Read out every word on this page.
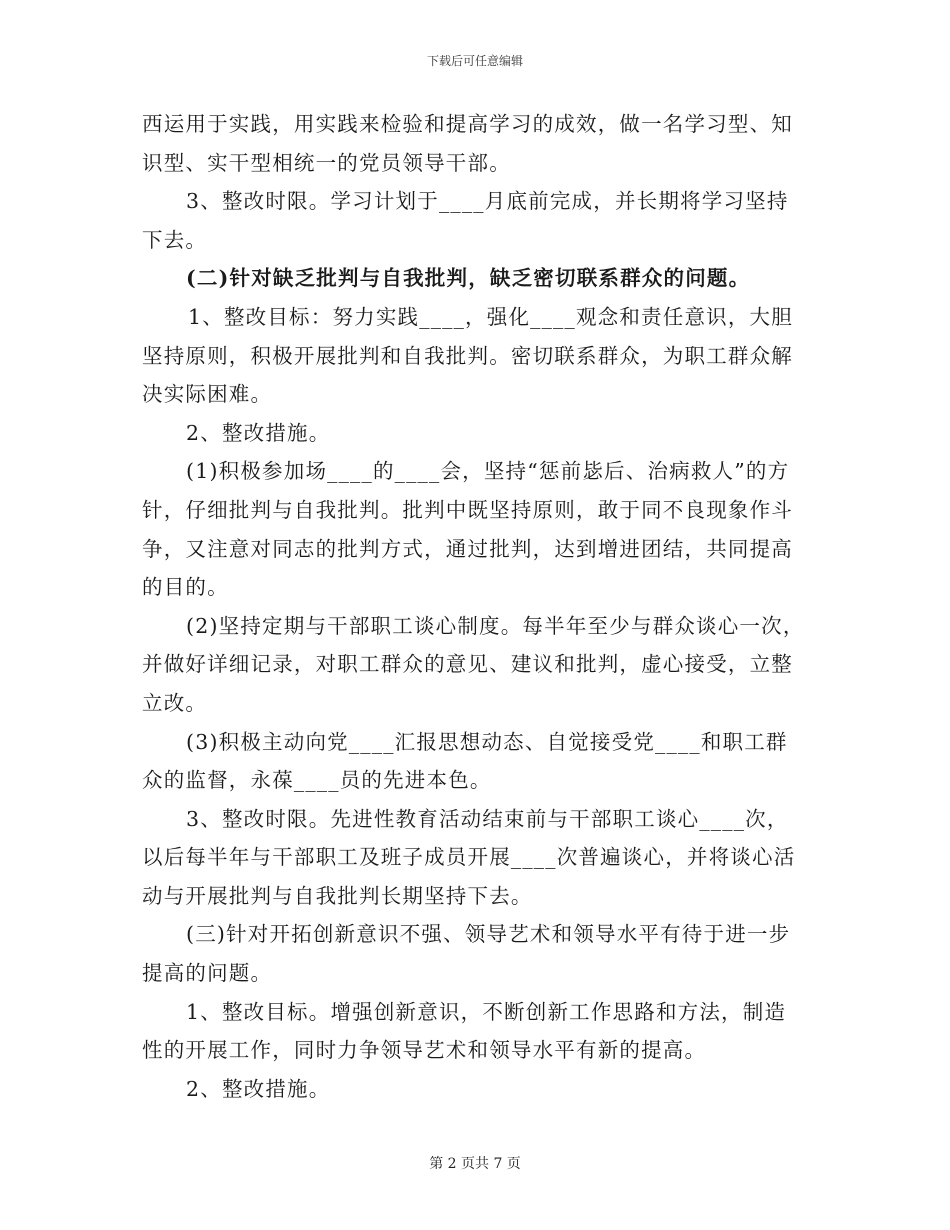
下载后可任意编辑

西运用于实践，用实践来检验和提高学习的成效，做一名学习型、知识型、实干型相统一的党员领导干部。

3、整改时限。学习计划于____月底前完成，并长期将学习坚持下去。

(二)针对缺乏批判与自我批判，缺乏密切联系群众的问题。

1、整改目标：努力实践____，强化____观念和责任意识，大胆坚持原则，积极开展批判和自我批判。密切联系群众，为职工群众解决实际困难。

2、整改措施。

(1)积极参加场____的____会，坚持“惩前毖后、治病救人”的方针，仔细批判与自我批判。批判中既坚持原则，敢于同不良现象作斗争，又注意对同志的批判方式，通过批判，达到增进团结，共同提高的目的。

(2)坚持定期与干部职工谈心制度。每半年至少与群众谈心一次，并做好详细记录，对职工群众的意见、建议和批判，虚心接受，立整立改。

(3)积极主动向党____汇报思想动态、自觉接受党____和职工群众的监督，永葆____员的先进本色。

3、整改时限。先进性教育活动结束前与干部职工谈心____次，以后每半年与干部职工及班子成员开展____次普遍谈心，并将谈心活动与开展批判与自我批判长期坚持下去。

(三)针对开拓创新意识不强、领导艺术和领导水平有待于进一步提高的问题。

1、整改目标。增强创新意识，不断创新工作思路和方法，制造性的开展工作，同时力争领导艺术和领导水平有新的提高。

2、整改措施。

第 2 页共 7 页
